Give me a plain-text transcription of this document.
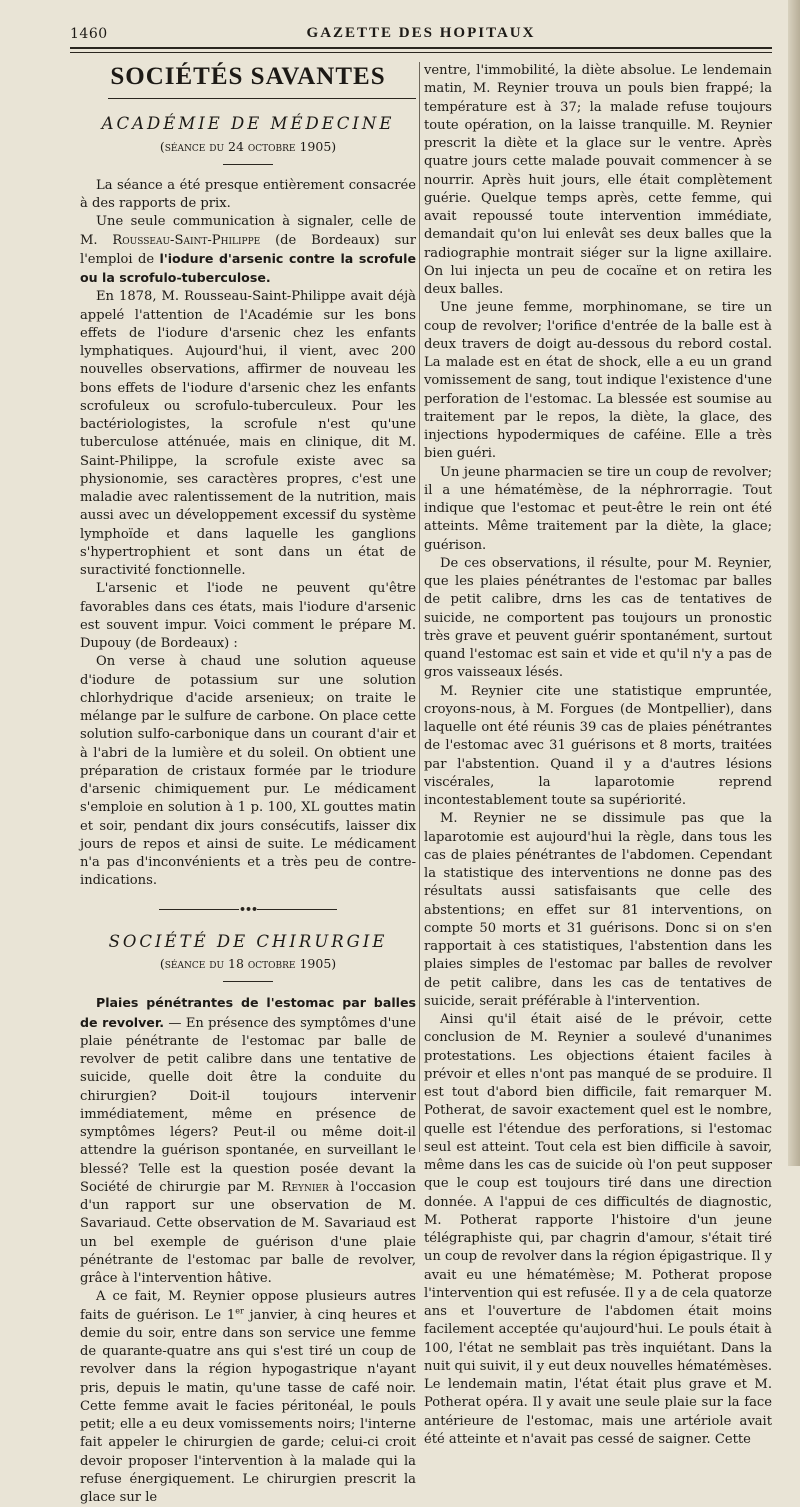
1460	GAZETTE DES HOPITAUX
SOCIÉTÉS SAVANTES
ACADÉMIE DE MÉDECINE
(séance du 24 octobre 1905)

La séance a été presque entièrement consacrée à des rapports de prix.

Une seule communication à signaler, celle de M. Rousseau-Saint-Philippe (de Bordeaux) sur l'emploi de l'iodure d'arsenic contre la scrofule ou la scrofulo-tuberculose.

En 1878, M. Rousseau-Saint-Philippe avait déjà appelé l'attention de l'Académie sur les bons effets de l'iodure d'arsenic chez les enfants lymphatiques. Aujourd'hui, il vient, avec 200 nouvelles observations, affirmer de nouveau les bons effets de l'iodure d'arsenic chez les enfants scrofuleux ou scrofulo-tuberculeux. Pour les bactériologistes, la scrofule n'est qu'une tuberculose atténuée, mais en clinique, dit M. Saint-Philippe, la scrofule existe avec sa physionomie, ses caractères propres, c'est une maladie avec ralentissement de la nutrition, mais aussi avec un développement excessif du système lymphoïde et dans laquelle les ganglions s'hypertrophient et sont dans un état de suractivité fonctionnelle.

L'arsenic et l'iode ne peuvent qu'être favorables dans ces états, mais l'iodure d'arsenic est souvent impur. Voici comment le prépare M. Dupouy (de Bordeaux) :

On verse à chaud une solution aqueuse d'iodure de potassium sur une solution chlorhydrique d'acide arsenieux; on traite le mélange par le sulfure de carbone. On place cette solution sulfo-carbonique dans un courant d'air et à l'abri de la lumière et du soleil. On obtient une préparation de cristaux formée par le triodure d'arsenic chimiquement pur. Le médicament s'emploie en solution à 1 p. 100, XL gouttes matin et soir, pendant dix jours consécutifs, laisser dix jours de repos et ainsi de suite. Le médicament n'a pas d'inconvénients et a très peu de contre-indications.

•••
SOCIÉTÉ DE CHIRURGIE
(séance du 18 octobre 1905)

Plaies pénétrantes de l'estomac par balles de revolver. — En présence des symptômes d'une plaie pénétrante de l'estomac par balle de revolver de petit calibre dans une tentative de suicide, quelle doit être la conduite du chirurgien? Doit-il toujours intervenir immédiatement, même en présence de symptômes légers? Peut-il ou même doit-il attendre la guérison spontanée, en surveillant le blessé? Telle est la question posée devant la Société de chirurgie par M. Reynier à l'occasion d'un rapport sur une observation de M. Savariaud. Cette observation de M. Savariaud est un bel exemple de guérison d'une plaie pénétrante de l'estomac par balle de revolver, grâce à l'intervention hâtive.

A ce fait, M. Reynier oppose plusieurs autres faits de guérison. Le 1er janvier, à cinq heures et demie du soir, entre dans son service une femme de quarante-quatre ans qui s'est tiré un coup de revolver dans la région hypogastrique n'ayant pris, depuis le matin, qu'une tasse de café noir. Cette femme avait le facies péritonéal, le pouls petit; elle a eu deux vomissements noirs; l'interne fait appeler le chirurgien de garde; celui-ci croit devoir proposer l'intervention à la malade qui la refuse énergiquement. Le chirurgien prescrit la glace sur le

ventre, l'immobilité, la diète absolue. Le lendemain matin, M. Reynier trouva un pouls bien frappé; la température est à 37; la malade refuse toujours toute opération, on la laisse tranquille. M. Reynier prescrit la diète et la glace sur le ventre. Après quatre jours cette malade pouvait commencer à se nourrir. Après huit jours, elle était complètement guérie. Quelque temps après, cette femme, qui avait repoussé toute intervention immédiate, demandait qu'on lui enlevât ses deux balles que la radiographie montrait siéger sur la ligne axillaire. On lui injecta un peu de cocaïne et on retira les deux balles.

Une jeune femme, morphinomane, se tire un coup de revolver; l'orifice d'entrée de la balle est à deux travers de doigt au-dessous du rebord costal. La malade est en état de shock, elle a eu un grand vomissement de sang, tout indique l'existence d'une perforation de l'estomac. La blessée est soumise au traitement par le repos, la diète, la glace, des injections hypodermiques de caféine. Elle a très bien guéri.

Un jeune pharmacien se tire un coup de revolver; il a une hématémèse, de la néphrorragie. Tout indique que l'estomac et peut-être le rein ont été atteints. Même traitement par la diète, la glace; guérison.

De ces observations, il résulte, pour M. Reynier, que les plaies pénétrantes de l'estomac par balles de petit calibre, drns les cas de tentatives de suicide, ne comportent pas toujours un pronostic très grave et peuvent guérir spontanément, surtout quand l'estomac est sain et vide et qu'il n'y a pas de gros vaisseaux lésés.

M. Reynier cite une statistique empruntée, croyons-nous, à M. Forgues (de Montpellier), dans laquelle ont été réunis 39 cas de plaies pénétrantes de l'estomac avec 31 guérisons et 8 morts, traitées par l'abstention. Quand il y a d'autres lésions viscérales, la laparotomie reprend incontestablement toute sa supériorité.

M. Reynier ne se dissimule pas que la laparotomie est aujourd'hui la règle, dans tous les cas de plaies pénétrantes de l'abdomen. Cependant la statistique des interventions ne donne pas des résultats aussi satisfaisants que celle des abstentions; en effet sur 81 interventions, on compte 50 morts et 31 guérisons. Donc si on s'en rapportait à ces statistiques, l'abstention dans les plaies simples de l'estomac par balles de revolver de petit calibre, dans les cas de tentatives de suicide, serait préférable à l'intervention.

Ainsi qu'il était aisé de le prévoir, cette conclusion de M. Reynier a soulevé d'unanimes protestations. Les objections étaient faciles à prévoir et elles n'ont pas manqué de se produire. Il est tout d'abord bien difficile, fait remarquer M. Potherat, de savoir exactement quel est le nombre, quelle est l'étendue des perforations, si l'estomac seul est atteint. Tout cela est bien difficile à savoir, même dans les cas de suicide où l'on peut supposer que le coup est toujours tiré dans une direction donnée. A l'appui de ces difficultés de diagnostic, M. Potherat rapporte l'histoire d'un jeune télégraphiste qui, par chagrin d'amour, s'était tiré un coup de revolver dans la région épigastrique. Il y avait eu une hématémèse; M. Potherat propose l'intervention qui est refusée. Il y a de cela quatorze ans et l'ouverture de l'abdomen était moins facilement acceptée qu'aujourd'hui. Le pouls était à 100, l'état ne semblait pas très inquiétant. Dans la nuit qui suivit, il y eut deux nouvelles hématémèses. Le lendemain matin, l'état était plus grave et M. Potherat opéra. Il y avait une seule plaie sur la face antérieure de l'estomac, mais une artériole avait été atteinte et n'avait pas cessé de saigner. Cette
